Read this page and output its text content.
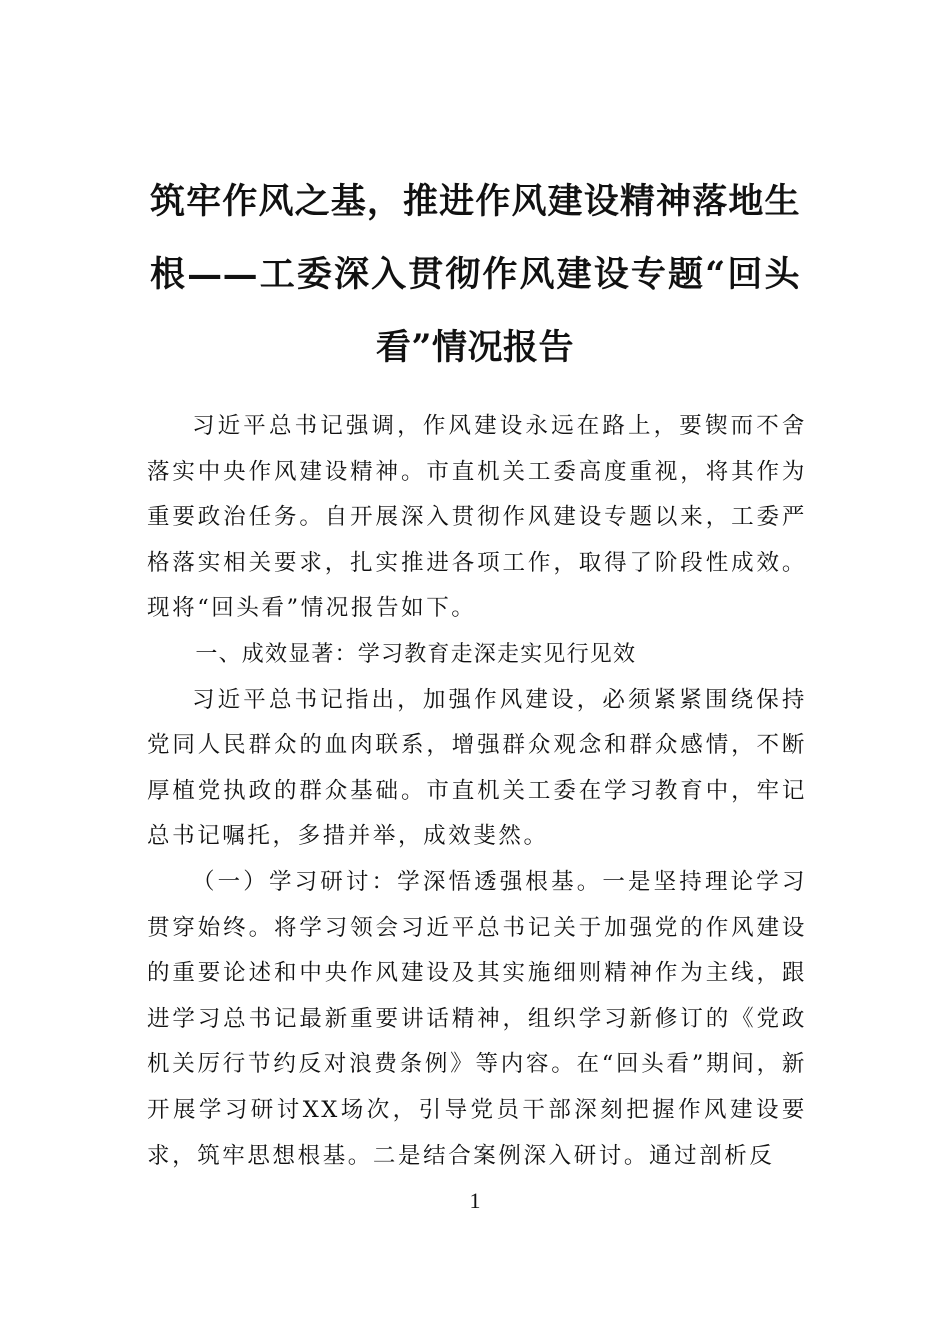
筑牢作风之基，推进作风建设精神落地生根——工委深入贯彻作风建设专题“回头看”情况报告

习近平总书记强调，作风建设永远在路上，要锲而不舍落实中央作风建设精神。市直机关工委高度重视，将其作为重要政治任务。自开展深入贯彻作风建设专题以来，工委严格落实相关要求，扎实推进各项工作，取得了阶段性成效。现将“回头看”情况报告如下。

一、成效显著：学习教育走深走实见行见效

习近平总书记指出，加强作风建设，必须紧紧围绕保持党同人民群众的血肉联系，增强群众观念和群众感情，不断厚植党执政的群众基础。市直机关工委在学习教育中，牢记总书记嘱托，多措并举，成效斐然。

（一）学习研讨：学深悟透强根基。一是坚持理论学习贯穿始终。将学习领会习近平总书记关于加强党的作风建设的重要论述和中央作风建设及其实施细则精神作为主线，跟进学习总书记最新重要讲话精神，组织学习新修订的《党政机关厉行节约反对浪费条例》等内容。在“回头看”期间，新开展学习研讨XX场次，引导党员干部深刻把握作风建设要求，筑牢思想根基。二是结合案例深入研讨。通过剖析反

1
